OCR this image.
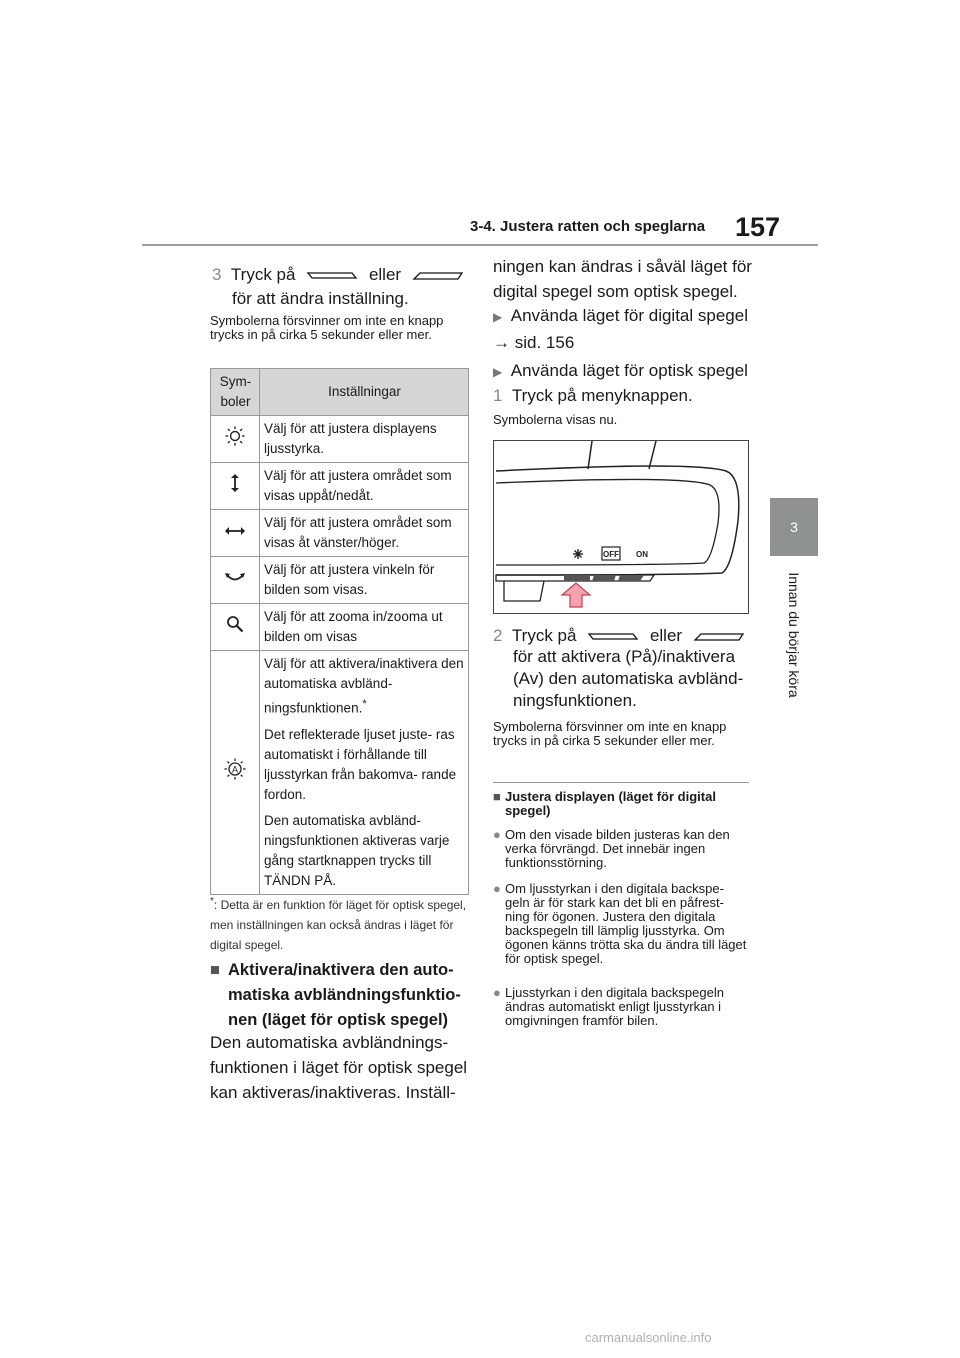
3-4. Justera ratten och speglarna 157
3
Innan du börjar köra
3 Tryck på	eller
för att ändra inställning.
Symbolerna försvinner om inte en knapp trycks in på cirka 5 sekunder eller mer.
Sym- boler	Inställningar
	Välj för att justera displayens ljusstyrka.
	Välj för att justera området som visas uppåt/nedåt.
	Välj för att justera området som visas åt vänster/höger.
	Välj för att justera vinkeln för bilden som visas.
	Välj för att zooma in/zooma ut bilden om visas

A	Välj för att aktivera/inaktivera den automatiska avbländ- ningsfunktionen.*

Det reflekterade ljuset juste- ras automatiskt i förhållande till ljusstyrkan från bakomva- rande fordon.

Den automatiska avbländ- ningsfunktionen aktiveras varje gång startknappen trycks till TÄNDN PÅ.

*: Detta är en funktion för läget för optisk spegel, men inställningen kan också ändras i läget för digital spegel.
■ Aktivera/inaktivera den auto- matiska avbländningsfunktio- nen (läget för optisk spegel)
Den automatiska avbländnings- funktionen i läget för optisk spegel kan aktiveras/inaktiveras. Inställ-
ningen kan ändras i såväl läget för digital spegel som optisk spegel.
▶ Använda läget för digital spegel
→ sid. 156
▶ Använda läget för optisk spegel
1 Tryck på menyknappen.
Symbolerna visas nu.
OFF ON
2 Tryck på	eller
för att aktivera (På)/inaktivera (Av) den automatiska avbländ- ningsfunktionen.
Symbolerna försvinner om inte en knapp trycks in på cirka 5 sekunder eller mer.
■ Justera displayen (läget för digital spegel)
● Om den visade bilden justeras kan den verka förvrängd. Det innebär ingen funktionsstörning.
● Om ljusstyrkan i den digitala backspe- geln är för stark kan det bli en påfrest- ning för ögonen. Justera den digitala backspegeln till lämplig ljusstyrka. Om ögonen känns trötta ska du ändra till läget för optisk spegel.
● Ljusstyrkan i den digitala backspegeln ändras automatiskt enligt ljusstyrkan i omgivningen framför bilen.
carmanualsonline.info
